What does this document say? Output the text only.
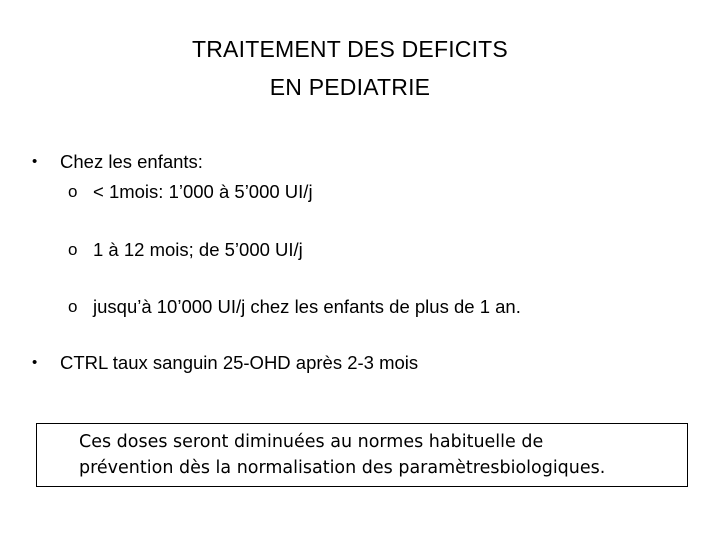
TRAITEMENT DES DEFICITS
EN PEDIATRIE
• Chez les enfants:
o < 1mois: 1’000 à 5’000 UI/j
o 1 à 12 mois; de 5’000 UI/j
o jusqu’à 10’000 UI/j chez les enfants de plus de 1 an.
• CTRL taux sanguin 25-OHD après 2-3 mois
Ces doses seront diminuées au normes habituelle de
prévention dès la normalisation des paramètresbiologiques.
